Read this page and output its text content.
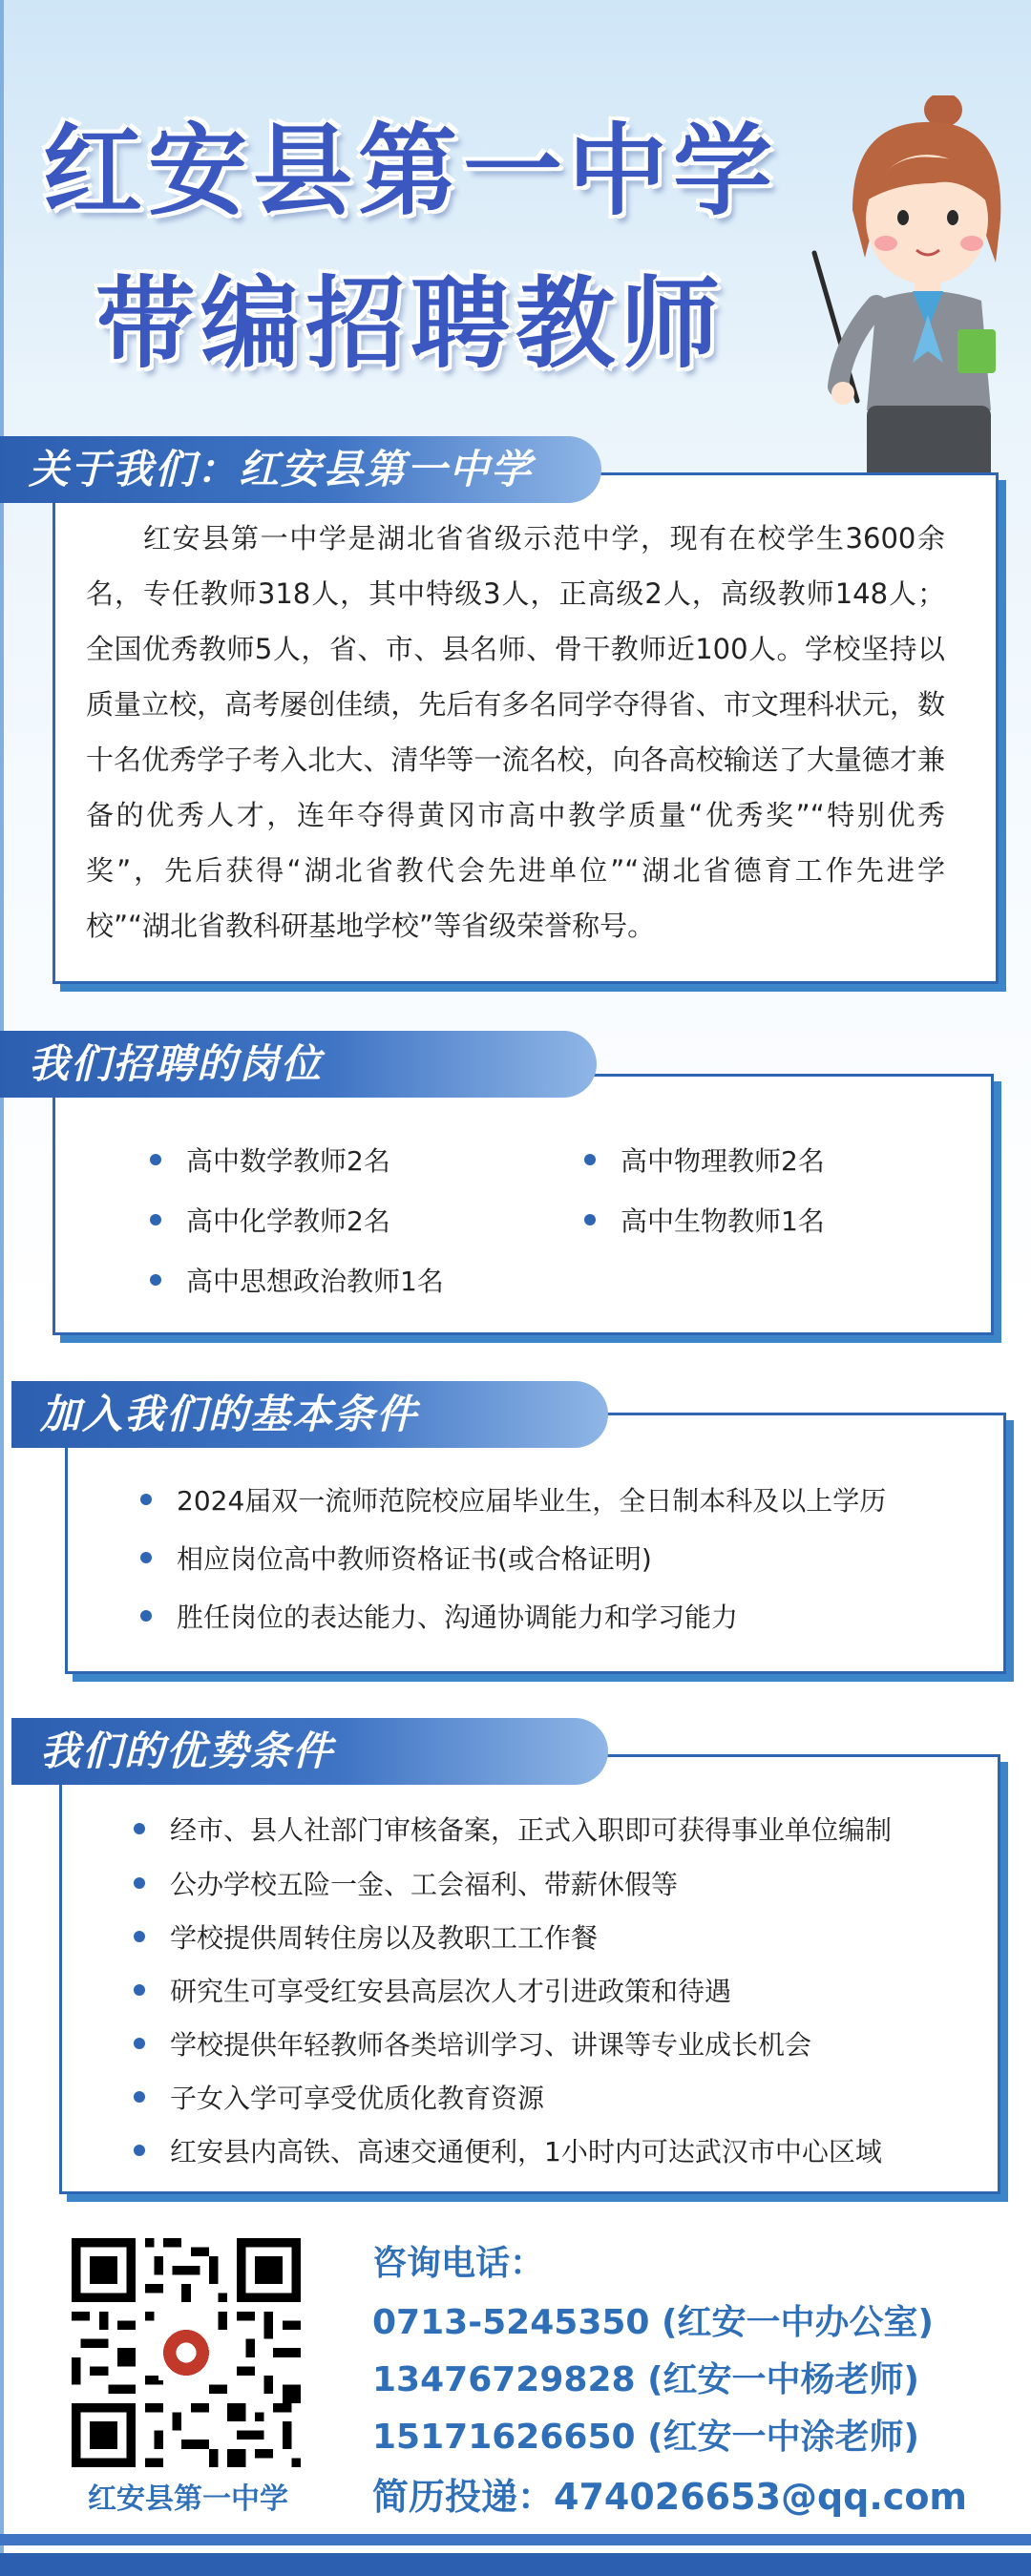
红安县第一中学
带编招聘教师
关于我们：红安县第一中学
红安县第一中学是湖北省省级示范中学，现有在校学生3600余名，专任教师318人，其中特级3人，正高级2人，高级教师148人；全国优秀教师5人，省、市、县名师、骨干教师近100人。学校坚持以质量立校，高考屡创佳绩，先后有多名同学夺得省、市文理科状元，数十名优秀学子考入北大、清华等一流名校，向各高校输送了大量德才兼备的优秀人才，连年夺得黄冈市高中教学质量“优秀奖”“特别优秀奖”，先后获得“湖北省教代会先进单位”“湖北省德育工作先进学校”“湖北省教科研基地学校”等省级荣誉称号。
我们招聘的岗位
高中数学教师2名	高中物理教师2名
高中化学教师2名	高中生物教师1名
高中思想政治教师1名
加入我们的基本条件
2024届双一流师范院校应届毕业生，全日制本科及以上学历
相应岗位高中教师资格证书(或合格证明)
胜任岗位的表达能力、沟通协调能力和学习能力
我们的优势条件
经市、县人社部门审核备案，正式入职即可获得事业单位编制
公办学校五险一金、工会福利、带薪休假等
学校提供周转住房以及教职工工作餐
研究生可享受红安县高层次人才引进政策和待遇
学校提供年轻教师各类培训学习、讲课等专业成长机会
子女入学可享受优质化教育资源
红安县内高铁、高速交通便利，1小时内可达武汉市中心区域
红安县第一中学
咨询电话：
0713-5245350 (红安一中办公室)
13476729828 (红安一中杨老师)
15171626650 (红安一中涂老师)
简历投递：474026653@qq.com
